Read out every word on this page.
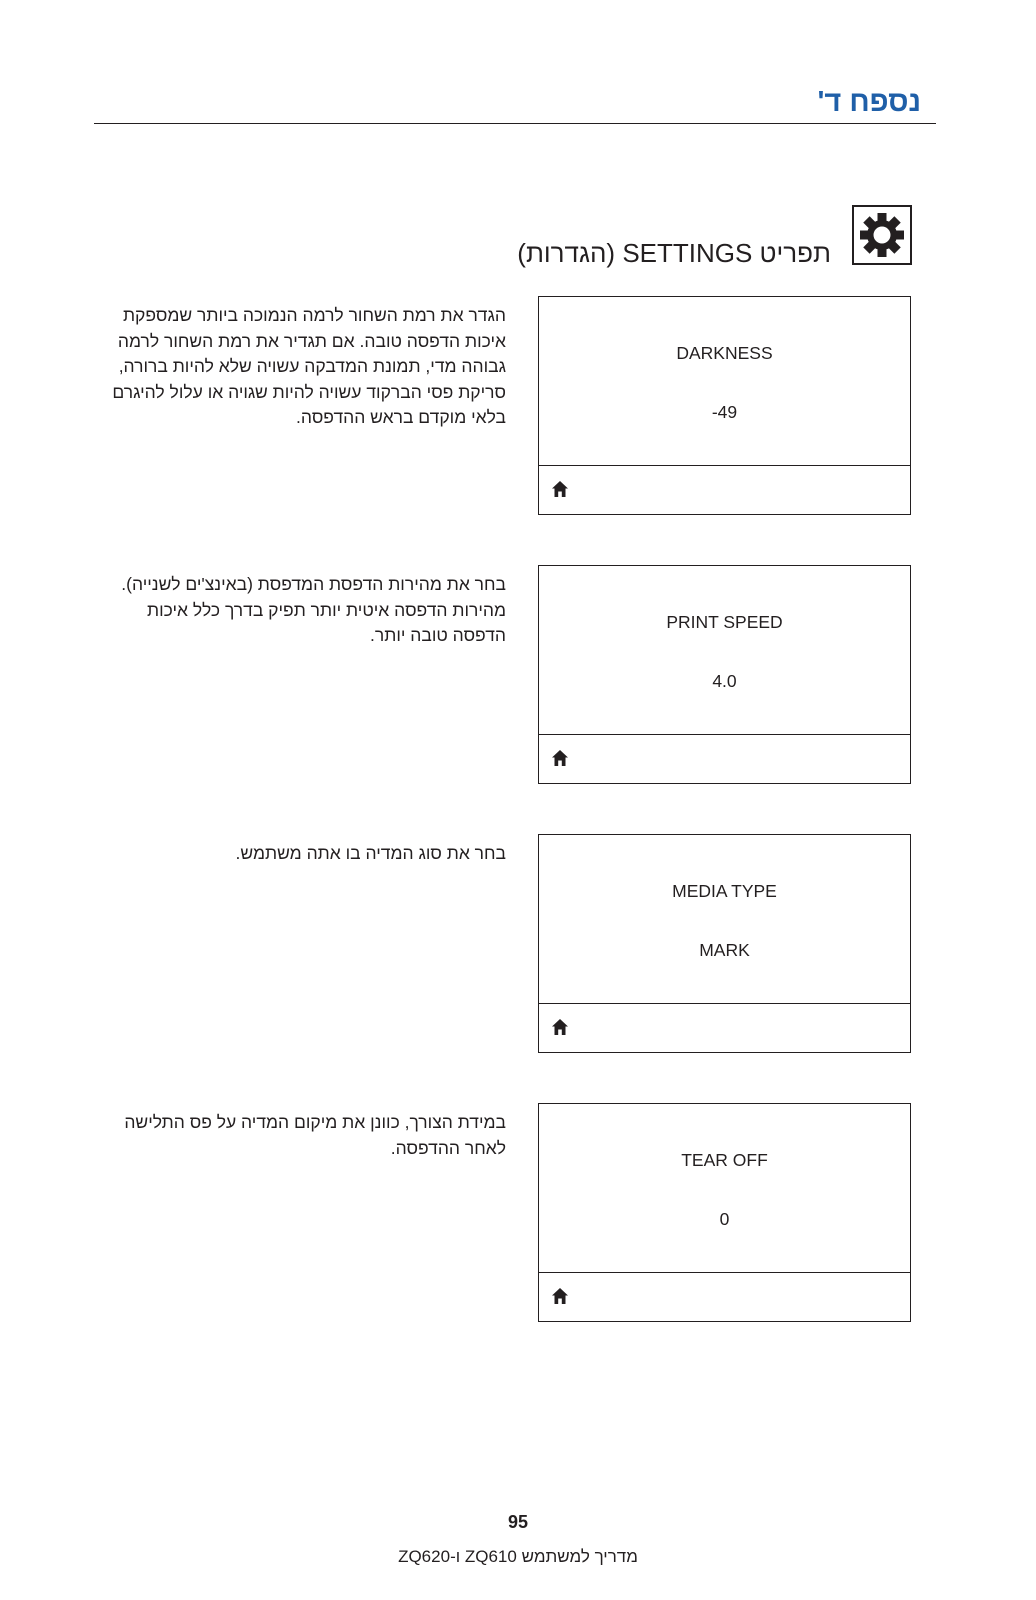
נספח ד'
תפריט SETTINGS (הגדרות)

הגדר את רמת השחור לרמה הנמוכה ביותר שמספקת איכות הדפסה טובה. אם תגדיר את רמת השחור לרמה גבוהה מדי, תמונת המדבקה עשויה שלא להיות ברורה, סריקת פסי הברקוד עשויה להיות שגויה או עלול להיגרם בלאי מוקדם בראש ההדפסה.

DARKNESS
-49

בחר את מהירות הדפסת המדפסת (באינצ'ים לשנייה). מהירות הדפסה איטית יותר תפיק בדרך כלל איכות הדפסה טובה יותר.

PRINT SPEED
4.0

בחר את סוג המדיה בו אתה משתמש.

MEDIA TYPE
MARK

במידת הצורך, כוונן את מיקום המדיה על פס התלישה לאחר ההדפסה.

TEAR OFF
0
95
מדריך למשתמש ZQ610 ו-ZQ620
